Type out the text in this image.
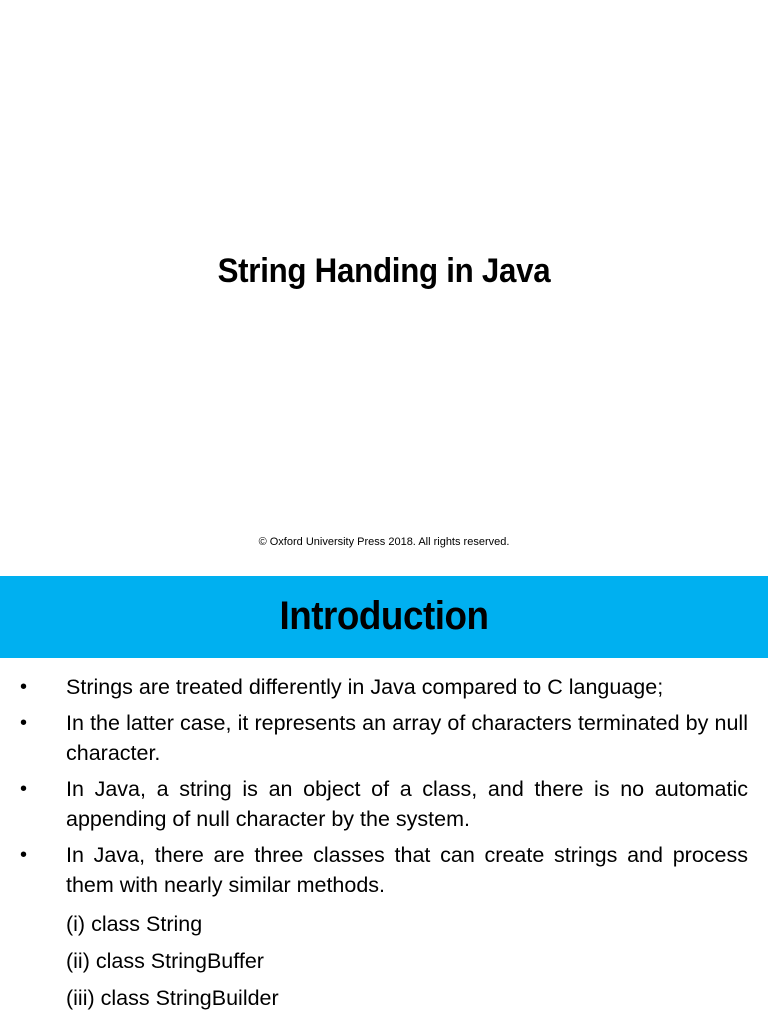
String Handing in Java
© Oxford University Press 2018. All rights reserved.
Introduction
• Strings are treated differently in Java compared to C language;
• In the latter case, it represents an array of characters terminated by null character.
• In Java, a string is an object of a class, and there is no automatic appending of null character by the system.
• In Java, there are three classes that can create strings and process them with nearly similar methods.
(i) class String
(ii) class StringBuffer
(iii) class StringBuilder
